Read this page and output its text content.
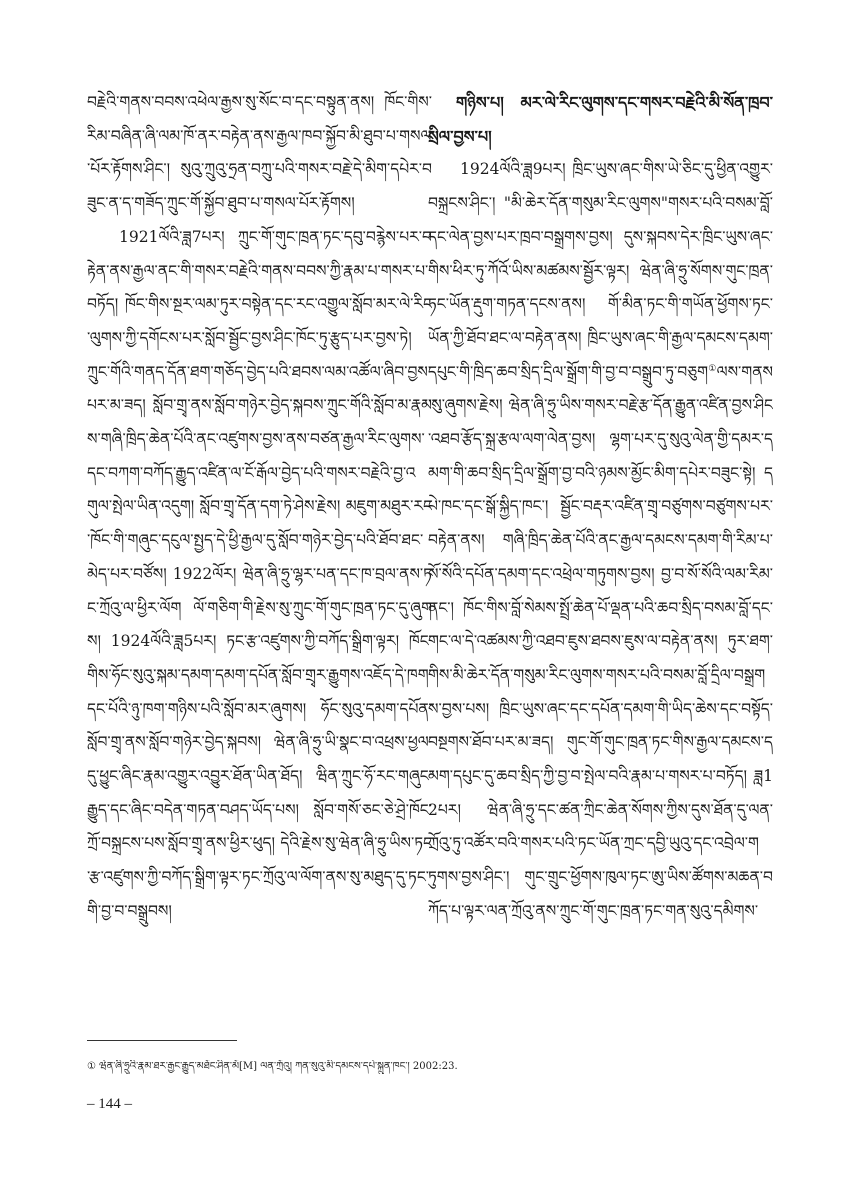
བརྗེའི་གནས་བབས་འཕེལ་རྒྱས་སུ་སོང་བ་དང་བསྟུན་ནས། ཁོང་གིས་རིམ་བཞིན་ཞི་ལམ་ཁོ་ནར་བརྟེན་ནས་རྒྱལ་ཁབ་སྐྱོབ་མི་ཐུབ་པ་གསལ་པོར་རྟོགས་ཤིང་། སུའུ་ཀྲུའུ་ཧྲན་བཀྲུ་པའི་གསར་བརྗེ་དེ་མིག་དཔེར་བཟུང་ན་ད་གཟོད་ཀྲུང་གོ་སྐྱོབ་ཐུབ་པ་གསལ་པོར་རྟོགས།

1921ལོའི་ཟླ7པར། ཀྲུང་གོ་གུང་ཁྲན་ཏང་དབུ་བརྙེས་པར་བརྟེན་ནས་རྒྱལ་ནང་གི་གསར་བརྗེའི་གནས་བབས་ཀྱི་རྣམ་པ་གསར་པ་བཏོད། ཁོང་གིས་སྔར་ལམ་ཏུར་བསྟེན་དང་རང་འགྱུལ་སློབ་མར་ལེ་རིང་ལུགས་ཀྱི་དགོངས་པར་སློབ་སྦྱོང་བྱས་ཤིང་ཁོང་ཏུ་རྩུད་པར་བྱས་ཏེ། ཀྲུང་གོའི་གནད་དོན་ཐག་གཅོད་བྱེད་པའི་ཐབས་ལམ་འཚོལ་ཞིབ་བྱས་པར་མ་ཟད། སློབ་གྲྭ་ནས་སློབ་གཉེར་བྱེད་སྐབས་ཀྲུང་གོའི་སློབ་མ་རྣམས་གཞི་ཁྲིད་ཆེན་པོའི་ནང་འཛུགས་བྱས་ནས་བཙན་རྒྱལ་རིང་ལུགས་དང་བཀག་བཀོད་རྒྱུད་འཛིན་ལ་ངོ་རྒོལ་བྱེད་པའི་གསར་བརྗེའི་བྱ་འགུལ་སྤེལ་ཡིན་འདུག། སློབ་གྲྭ་དོན་དག་ཏེ་ཤེས་རྗེས། མཇུག་མཐུར་རང་ཁོང་གི་གཞུང་དངུལ་སྤྱད་དེ་ཕྱི་རྒྱལ་དུ་སློབ་གཉེར་བྱེད་པའི་ཐོབ་ཐང་མེད་པར་བཙོས། 1922ལོར། ཝེན་ཞི་ཧྲུ་ལྷར་པན་དང་ཁ་བྲལ་ནས་ཏང་ཀྲོའུ་ལ་ཕྱིར་ལོག ལོ་གཅིག་གི་རྗེས་སུ་ཀྲུང་གོ་གུང་ཁྲན་ཏང་དུ་ཞུགས། 1924ལོའི་ཟླ5པར། ཏང་རྩ་འཛུགས་ཀྱི་བཀོད་སྒྲིག་ལྟར། ཁོང་གིས་ཧོང་སུའུ་སྐམ་དམག་དམག་དཔོན་སློབ་གྲྭར་རྒྱུགས་འཇོད་དེ་ཁག་དང་པོའི་ཉུ་ཁག་གཉིས་པའི་སློབ་མར་ཞུགས། ཧོང་སུའུ་དམག་དཔོན་སློབ་གྲྭ་ནས་སློབ་གཉེར་བྱེད་སྐབས། ཝེན་ཞི་ཧྲུ་ཡི་སྣང་བ་འཕྲས་ཕྱལ་དུ་ཕྱུང་ཞིང་རྣམ་འགྱུར་འབྱུར་ཐོན་ཡིན་ཐོད། ཝིན་ཀྲུང་ཧོ་རང་གཞུང་རྒྱུད་དང་ཞིང་བདེན་གཏན་བཤད་ཡོད་པས། སློབ་གསོ་ཅང་ཅེ་ཤྲེ་ཁོང་ཀྲོ་བསྐྲངས་པས་སློབ་གྲྭ་ནས་ཕྱིར་ཕུད། དེའི་རྗེས་སུ་ཝེན་ཞི་ཧྲུ་ཡིས་ཏང་རྩ་འཛུགས་ཀྱི་བཀོད་སྒྲིག་ལྟར་ཏང་ཀྲོའུ་ལ་ལོག་ནས་སུ་མཐུད་དུ་ཏང་གི་བྱ་བ་བསྒྲུབས།

གཉིས་པ། མར་ལེ་རིང་ལུགས་དང་གསར་བརྗེའི་མི་སོན་ཁྲབ་སྲིལ་བྱས་པ།

1924ལོའི་ཟླ9པར། ཁྲིང་ཡུས་ཞང་གིས་ཡེ་ཅིང་དུ་ཕྱིན་འགྱུར་བསྐྲངས་ཤིང་། "མི་ཆེར་དོན་གསུམ་རིང་ལུགས"གསར་པའི་བསམ་བློ་དང་ལེན་བྱས་པར་ཁྲབ་བསྒྲགས་བྱས། དུས་སྐབས་དེར་ཁྲིང་ཡུས་ཞང་གིས་ཕིར་ཏུ་ཀོའོ་ཡིས་མཚམས་སྦྱོར་ལྟར། ཝེན་ཞི་ཧྲུ་སོགས་གུང་ཁྲན་ཏང་ཡོན་རྡུག་གཏན་དངས་ནས། གོ་མིན་ཏང་གི་གཡོན་ཕྱོགས་ཏང་ཡོན་ཀྱི་ཐོབ་ཐང་ལ་བརྟེན་ནས། ཁྲིང་ཡུས་ཞང་གི་རྒྱལ་དམངས་དམག་དཔུང་གི་ཁྲིད་ཆབ་སྲིད་དྲིལ་སྒྲོག་གི་བྱ་བ་བསྒྲུབ་ཏུ་བཅུག①ལས་གནས་སུ་ཞུགས་རྗེས། ཝེན་ཞི་ཧྲུ་ཡིས་གསར་བརྗེ་རྩ་དོན་རྒྱུན་འཛིན་བྱས་ཤིང་འཐབ་རྩོད་སྐྲ་རྩལ་ལག་ལེན་བྱས། ལྷག་པར་དུ་སུའུ་ལེན་གྱི་དམར་དམག་གི་ཆབ་སྲིད་དྲིལ་སྒྲོག་བྱ་བའི་ཉམས་མྱོང་མིག་དཔེར་བཟུང་སྟེ། དཔེ་ཁང་དང་སྒོ་སྐྱིད་ཁང་། སྦྱོང་བརྡར་འཛིན་གྲྭ་བཙུགས་བཙུགས་པར་བརྟེན་ནས། གཞི་ཁྲིད་ཆེན་པོའི་ནང་རྒྱལ་དམངས་དམག་གི་རིམ་པ་སོ་སོའི་དཔོན་དམག་དང་འཕྲེལ་གཏུགས་བྱས། བྱ་བ་སོ་སོའི་ལམ་རིམ་ནང་། ཁོང་གིས་བློ་སེམས་སྤྲོ་ཆེན་པོ་ལྡན་པའི་ཆབ་སྲིད་བསམ་བློ་དང་གང་ལ་དེ་འཚམས་ཀྱི་འཐབ་ཇུས་ཐབས་ཇུས་ལ་བརྟེན་ནས། ཏུར་ཐག་གིས་མི་ཆེར་དོན་གསུམ་རིང་ལུགས་གསར་པའི་བསམ་བློ་དྲིལ་བསྒྲགས་བྱས་པས། ཁྲིང་ཡུས་ཞང་དང་དཔོན་དམག་གི་ཡིད་ཆེས་དང་བསྟོད་བསྔགས་ཐོབ་པར་མ་ཟད། གུང་གོ་གུང་ཁྲན་ཏང་གིས་རྒྱལ་དམངས་དམག་དཔུང་དུ་ཆབ་སྲིད་ཀྱི་བྱ་བ་སྤེལ་བའི་རྣམ་པ་གསར་པ་བཏོད། ཟླ12པར། ཝེན་ཞི་ཧྲུ་དང་ཚན་ཀྲིང་ཆེན་སོགས་ཀྱིས་དུས་ཐོན་དུ་ལན་ཀྲོའུ་ཏུ་འཚོར་བའི་གསར་པའི་ཏང་ཡོན་ཀྲང་དབྱི་ཡུའུ་དང་འབྲེལ་གཏུགས་བྱས་ཤིང་། གུང་གྲུང་ཕྱོགས་ཁུལ་ཏང་ཨུ་ཡིས་ཚོགས་མཆན་བཀོད་པ་ལྟར་ལན་ཀྲོའུ་ནས་ཀྲུང་གོ་གུང་ཁྲན་ཏང་གན་སུའུ་དམིགས་

① ཝེན་ཞི་ཧྲུའི་རྣམ་ཐར་རྒྱང་རྒྱུད་མཐོང་ཤིན་མོ[M] ལན་ཀྲོའུ། ཀན་སུའུ་མི་དམངས་དཔེ་སྐྲུན་ཁང་། 2002:23.
– 144 –
